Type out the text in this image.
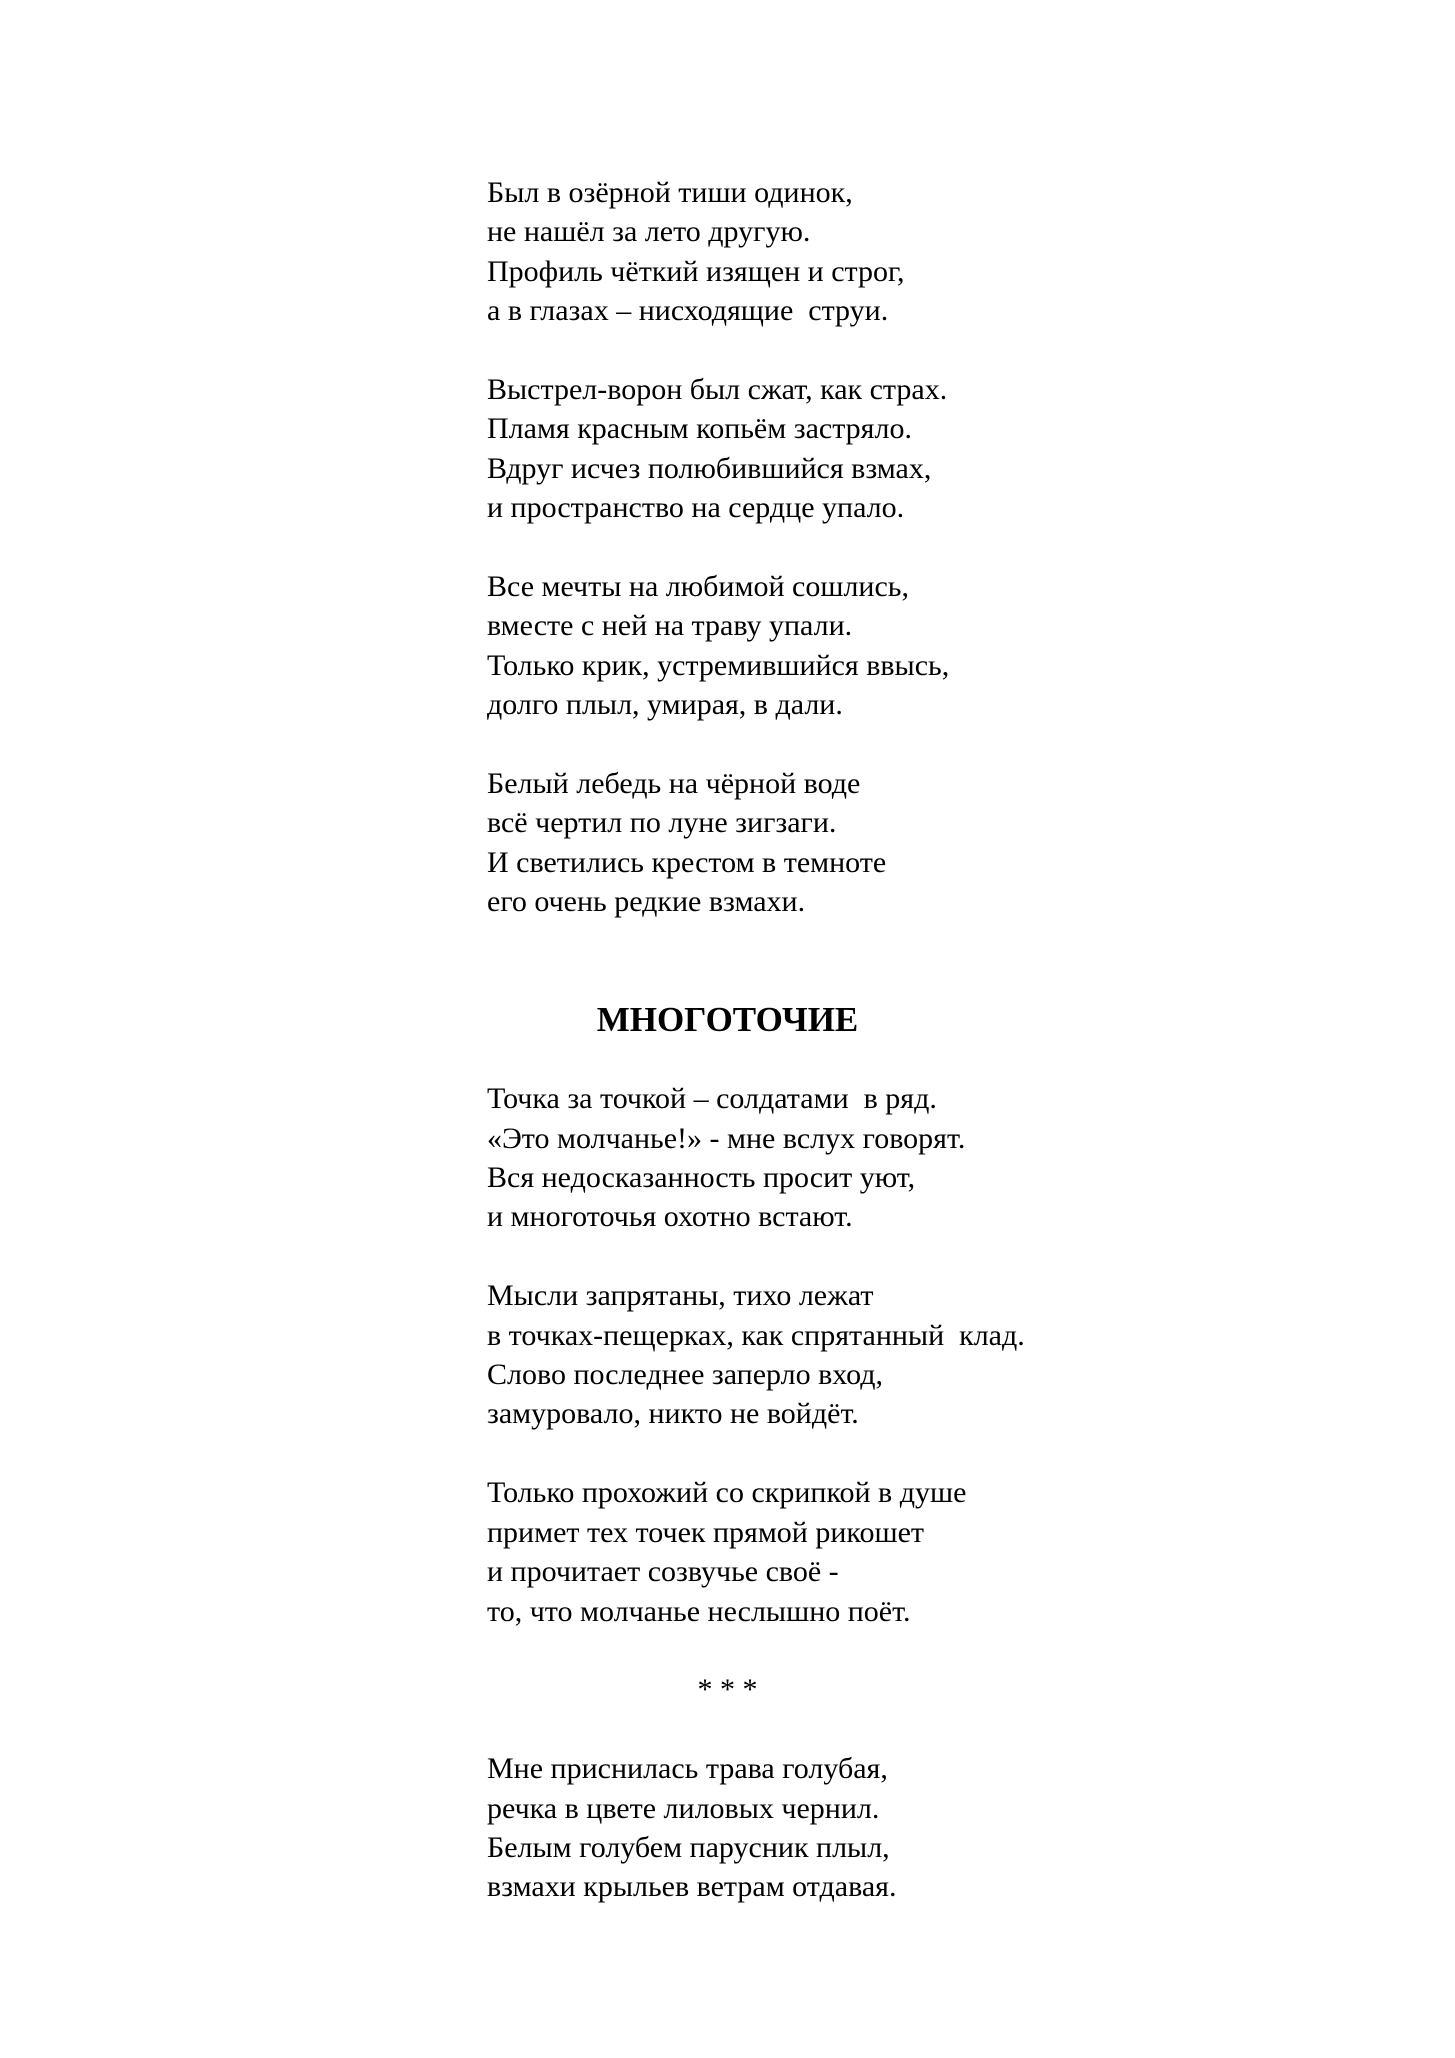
Был в озёрной тиши одинок,
не нашёл за лето другую.
Профиль чёткий изящен и строг,
а в глазах – нисходящие  струи.
Выстрел-ворон был сжат, как страх.
Пламя красным копьём застряло.
Вдруг исчез полюбившийся взмах,
и пространство на сердце упало.
Все мечты на любимой сошлись,
вместе с ней на траву упали.
Только крик, устремившийся ввысь,
долго плыл, умирая, в дали.
Белый лебедь на чёрной воде
всё чертил по луне зигзаги.
И светились крестом в темноте
его очень редкие взмахи.
МНОГОТОЧИЕ
Точка за точкой – солдатами  в ряд.
«Это молчанье!» - мне вслух говорят.
Вся недосказанность просит уют,
и многоточья охотно встают.
Мысли запрятаны, тихо лежат
в точках-пещерках, как спрятанный  клад.
Слово последнее заперло вход,
замуровало, никто не войдёт.
Только прохожий со скрипкой в душе
примет тех точек прямой рикошет
и прочитает созвучье своё -
то, что молчанье неслышно поёт.
* * *
Мне приснилась трава голубая,
речка в цвете лиловых чернил.
Белым голубем парусник плыл,
взмахи крыльев ветрам отдавая.
